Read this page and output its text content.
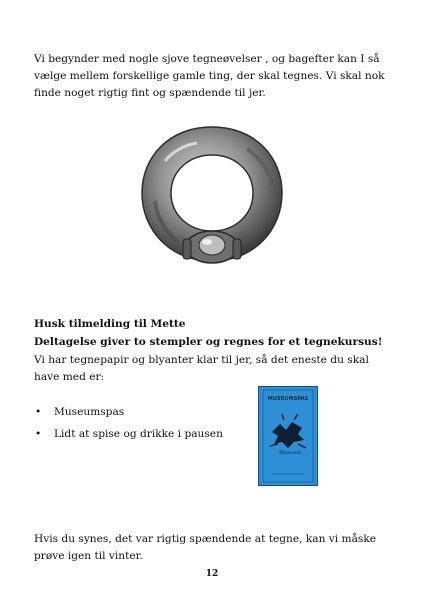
Vi begynder med nogle sjove tegneøvelser , og bagefter kan I så vælge mellem forskellige gamle ting, der skal tegnes. Vi skal nok finde noget rigtig fint og spændende til jer.

Husk tilmelding til Mette
Deltagelse giver to stempler og regnes for et tegnekursus!

Vi har tegnepapir og blyanter klar til jer, så det eneste du skal have med er:

• Museumspas
• Lidt at spise og drikke i pausen
MUSEUMSPAS
Museum

Hvis du synes, det var rigtig spændende at tegne, kan vi måske prøve igen til vinter.

12
